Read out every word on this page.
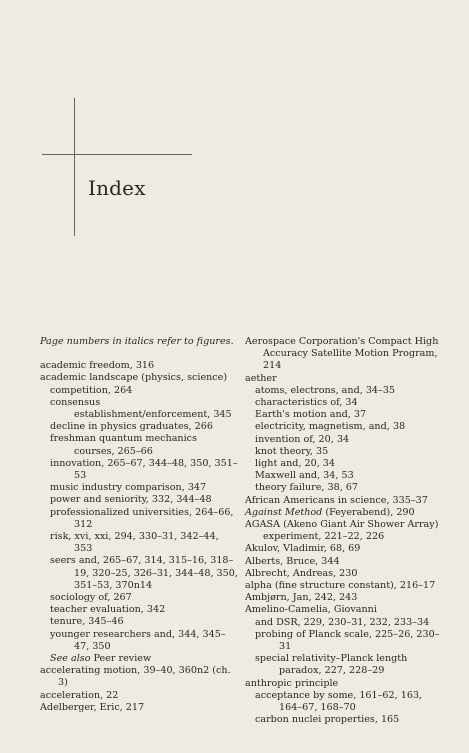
Index
Page numbers in italics refer to figures.
academic freedom, 316
academic landscape (physics, science)
competition, 264
consensus establishment/enforcement, 345
decline in physics graduates, 266
freshman quantum mechanics courses, 265–66
innovation, 265–67, 344–48, 350, 351–53
music industry comparison, 347
power and seniority, 332, 344–48
professionalized universities, 264–66, 312
risk, xvi, xxi, 294, 330–31, 342–44, 353
seers and, 265–67, 314, 315–16, 318–19, 320–25, 326–31, 344–48, 350, 351–53, 370n14
sociology of, 267
teacher evaluation, 342
tenure, 345–46
younger researchers and, 344, 345–47, 350
See also Peer review
accelerating motion, 39–40, 360n2 (ch. 3)
acceleration, 22
Adelberger, Eric, 217
Aerospace Corporation's Compact High Accuracy Satellite Motion Program, 214
aether
atoms, electrons, and, 34–35
characteristics of, 34
Earth's motion and, 37
electricity, magnetism, and, 38
invention of, 20, 34
knot theory, 35
light and, 20, 34
Maxwell and, 34, 53
theory failure, 38, 67
African Americans in science, 335–37
Against Method (Feyerabend), 290
AGASA (Akeno Giant Air Shower Array) experiment, 221–22, 226
Akulov, Vladimir, 68, 69
Alberts, Bruce, 344
Albrecht, Andreas, 230
alpha (fine structure constant), 216–17
Ambjørn, Jan, 242, 243
Amelino-Camelia, Giovanni
and DSR, 229, 230–31, 232, 233–34
probing of Planck scale, 225–26, 230–31
special relativity–Planck length paradox, 227, 228–29
anthropic principle
acceptance by some, 161–62, 163, 164–67, 168–70
carbon nuclei properties, 165
